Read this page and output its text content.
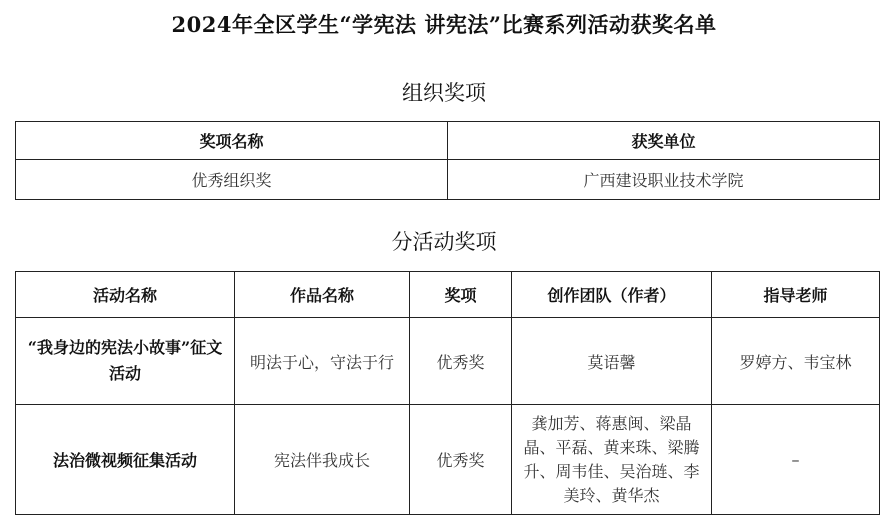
2024年全区学生“学宪法 讲宪法”比赛系列活动获奖名单
组织奖项
奖项名称	获奖单位
优秀组织奖	广西建设职业技术学院
分活动奖项
活动名称	作品名称	奖项	创作团队（作者）	指导老师
“我身边的宪法小故事”征文活动	明法于心，守法于行	优秀奖	莫语馨	罗婷方、韦宝林
法治微视频征集活动	宪法伴我成长	优秀奖	龚加芳、蒋惠闽、梁晶晶、平磊、黄来珠、梁腾升、周韦佳、吴治琏、李美玲、黄华杰	–
